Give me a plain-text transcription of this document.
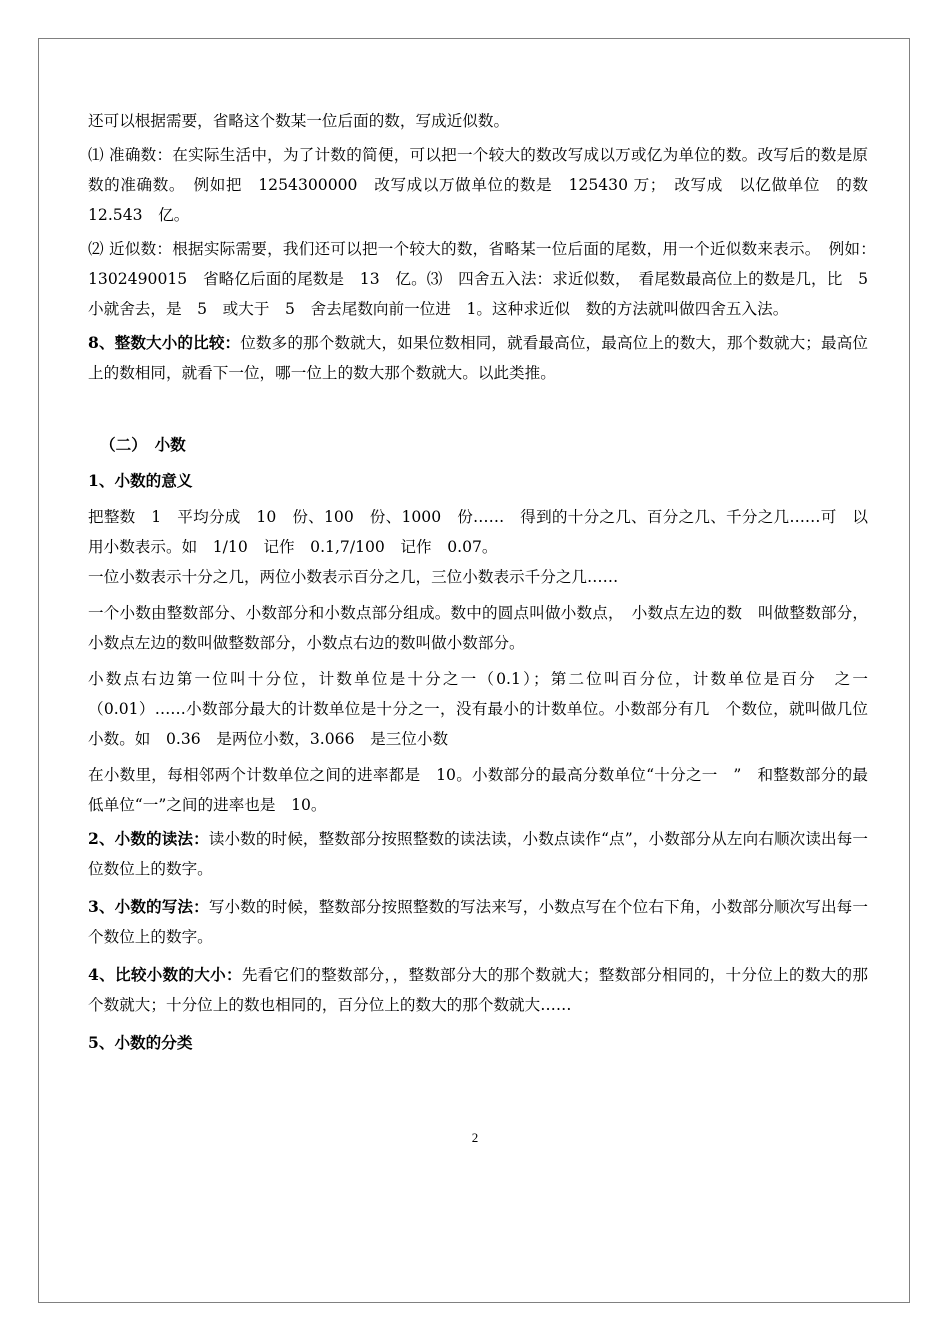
还可以根据需要，省略这个数某一位后面的数，写成近似数。

⑴ 准确数：在实际生活中，为了计数的简便，可以把一个较大的数改写成以万或亿为单位的数。改写后的数是原数的准确数。　例如把　1254300000　改写成以万做单位的数是　125430 万；　改写成　以亿做单位　的数　12.543　亿。

⑵ 近似数：根据实际需要，我们还可以把一个较大的数，省略某一位后面的尾数，用一个近似数来表示。　例如：　1302490015　省略亿后面的尾数是　13　亿。⑶　四舍五入法：求近似数，　看尾数最高位上的数是几，比　5　小就舍去，是　5　或大于　5　舍去尾数向前一位进　1。这种求近似　数的方法就叫做四舍五入法。

8、整数大小的比较：位数多的那个数就大，如果位数相同，就看最高位，最高位上的数大，那个数就大；最高位上的数相同，就看下一位，哪一位上的数大那个数就大。以此类推。

（二）　小数

1、小数的意义

把整数　1　平均分成　10　份、100　份、1000　份……　得到的十分之几、百分之几、千分之几……可　以用小数表示。如　1/10　记作　0.1,7/100　记作　0.07。

一位小数表示十分之几，两位小数表示百分之几，三位小数表示千分之几……

一个小数由整数部分、小数部分和小数点部分组成。数中的圆点叫做小数点，　小数点左边的数　叫做整数部分，小数点左边的数叫做整数部分，小数点右边的数叫做小数部分。

小数点右边第一位叫十分位，计数单位是十分之一（0.1）；第二位叫百分位，计数单位是百分　之一（0.01）……小数部分最大的计数单位是十分之一，没有最小的计数单位。小数部分有几　个数位，就叫做几位小数。如　0.36　是两位小数，3.066　是三位小数

在小数里，每相邻两个计数单位之间的进率都是　10。小数部分的最高分数单位“十分之一　”　和整数部分的最低单位“一”之间的进率也是　10。

2、小数的读法：读小数的时候，整数部分按照整数的读法读，小数点读作“点”，小数部分从左向右顺次读出每一位数位上的数字。

3、小数的写法：写小数的时候，整数部分按照整数的写法来写，小数点写在个位右下角，小数部分顺次写出每一个数位上的数字。

4、比较小数的大小：先看它们的整数部分，，整数部分大的那个数就大；整数部分相同的，十分位上的数大的那个数就大；十分位上的数也相同的，百分位上的数大的那个数就大……

5、小数的分类

2
